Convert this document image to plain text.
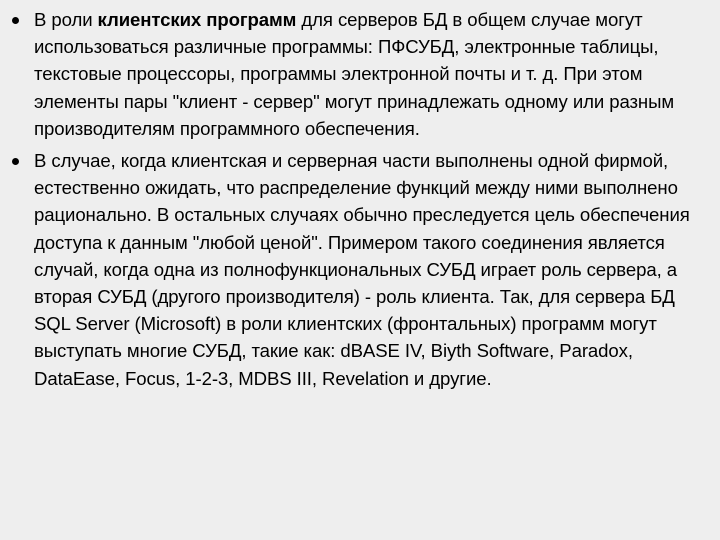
В роли клиентских программ для серверов БД в общем случае могут использоваться различные программы: ПФСУБД, электронные таблицы, текстовые процессоры, программы электронной почты и т. д. При этом элементы пары "клиент - сервер" могут принадлежать одному или разным производителям программного обеспечения.
В случае, когда клиентская и серверная части выполнены одной фирмой, естественно ожидать, что распределение функций между ними выполнено рационально. В остальных случаях обычно преследуется цель обеспечения доступа к данным "любой ценой". Примером такого соединения является случай, когда одна из полнофункциональных СУБД играет роль сервера, а вторая СУБД (другого производителя) - роль клиента. Так, для сервера БД SQL Server (Microsoft) в роли клиентских (фронтальных) программ могут выступать многие СУБД, такие как: dBASE IV, Biyth Software, Paradox, DataEase, Focus, 1-2-3, MDBS III, Revelation и другие.
